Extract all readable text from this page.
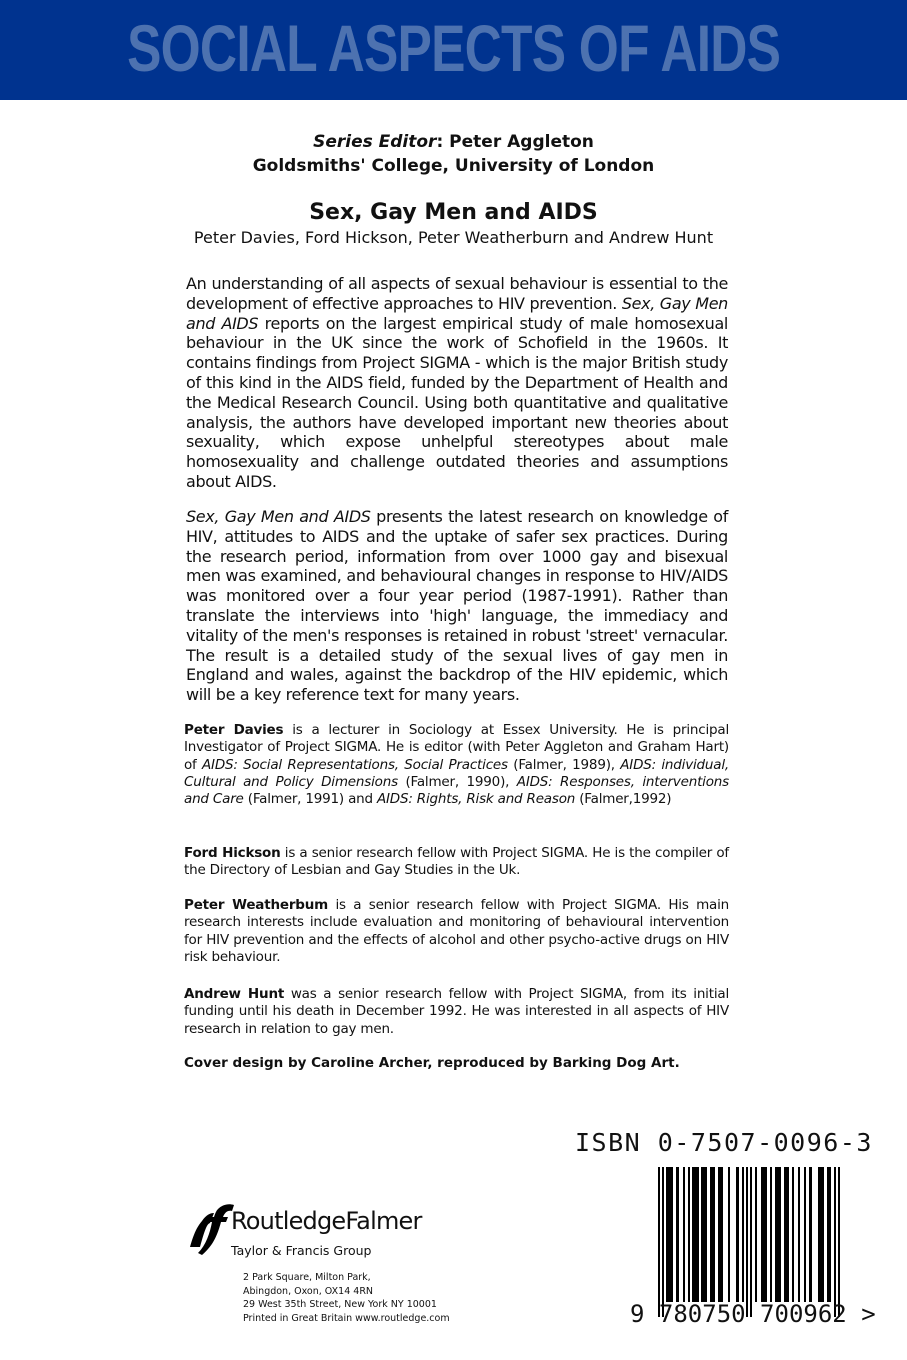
SOCIAL ASPECTS OF AIDS
Series Editor: Peter Aggleton
Goldsmiths' College, University of London
Sex, Gay Men and AIDS
Peter Davies, Ford Hickson, Peter Weatherburn and Andrew Hunt
An understanding of all aspects of sexual behaviour is essential to the development of effective approaches to HIV prevention. Sex, Gay Men and AIDS reports on the largest empirical study of male homosexual behaviour in the UK since the work of Schofield in the 1960s. It contains findings from Project SIGMA - which is the major British study of this kind in the AIDS field, funded by the Department of Health and the Medical Research Council. Using both quantitative and qualitative analysis, the authors have developed important new theories about sexuality, which expose unhelpful stereotypes about male homosexuality and challenge outdated theories and assumptions about AIDS.
Sex, Gay Men and AIDS presents the latest research on knowledge of HIV, attitudes to AIDS and the uptake of safer sex practices. During the research period, information from over 1000 gay and bisexual men was examined, and behavioural changes in response to HIV/AIDS was monitored over a four year period (1987-1991). Rather than translate the interviews into 'high' language, the immediacy and vitality of the men's responses is retained in robust 'street' vernacular. The result is a detailed study of the sexual lives of gay men in England and wales, against the backdrop of the HIV epidemic, which will be a key reference text for many years.
Peter Davies is a lecturer in Sociology at Essex University. He is principal Investigator of Project SIGMA. He is editor (with Peter Aggleton and Graham Hart) of AIDS: Social Representations, Social Practices (Falmer, 1989), AIDS: individual, Cultural and Policy Dimensions (Falmer, 1990), AIDS: Responses, interventions and Care (Falmer, 1991) and AIDS: Rights, Risk and Reason (Falmer,1992)
Ford Hickson is a senior research fellow with Project SIGMA. He is the compiler of the Directory of Lesbian and Gay Studies in the Uk.
Peter Weatherbum is a senior research fellow with Project SIGMA. His main research interests include evaluation and monitoring of behavioural intervention for HIV prevention and the effects of alcohol and other psycho-active drugs on HIV risk behaviour.
Andrew Hunt was a senior research fellow with Project SIGMA, from its initial funding until his death in December 1992. He was interested in all aspects of HIV research in relation to gay men.
Cover design by Caroline Archer, reproduced by Barking Dog Art.
ISBN 0-7507-0096-3
9 780750 700962 >
RoutledgeFalmer
Taylor & Francis Group
2 Park Square, Milton Park,
Abingdon, Oxon, OX14 4RN
29 West 35th Street, New York NY 10001
Printed in Great Britain www.routledge.com
